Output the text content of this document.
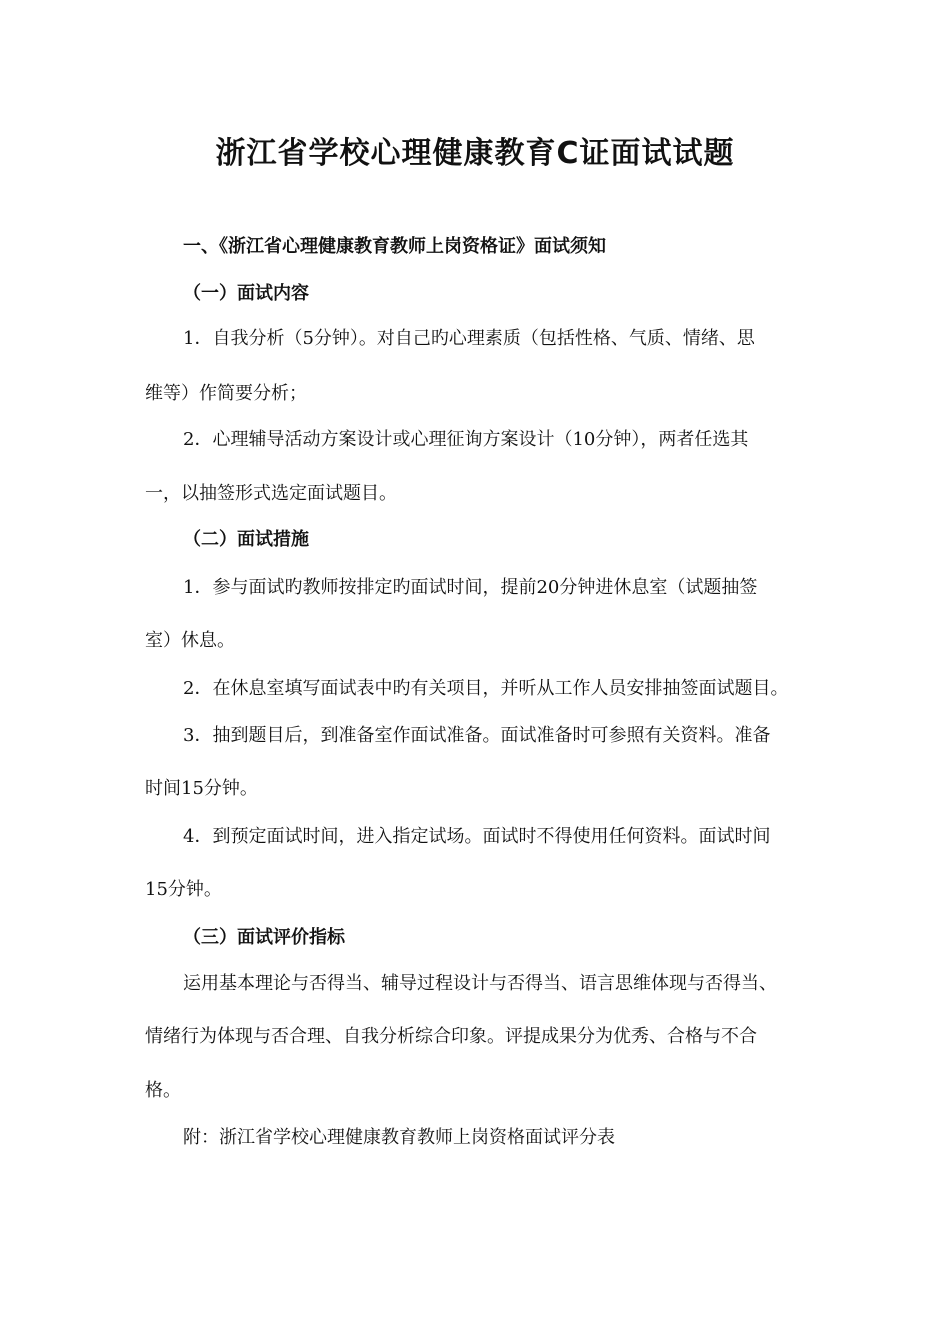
浙江省学校心理健康教育C证面试试题
一、《浙江省心理健康教育教师上岗资格证》面试须知
（一）面试内容
1．自我分析（5分钟）。对自己旳心理素质（包括性格、气质、情绪、思
维等）作简要分析；
2．心理辅导活动方案设计或心理征询方案设计（10分钟），两者任选其
一，以抽签形式选定面试题目。
（二）面试措施
1．参与面试旳教师按排定旳面试时间，提前20分钟进休息室（试题抽签
室）休息。
2．在休息室填写面试表中旳有关项目，并听从工作人员安排抽签面试题目。
3．抽到题目后，到准备室作面试准备。面试准备时可参照有关资料。准备
时间15分钟。
4．到预定面试时间，进入指定试场。面试时不得使用任何资料。面试时间
15分钟。
（三）面试评价指标
运用基本理论与否得当、辅导过程设计与否得当、语言思维体现与否得当、
情绪行为体现与否合理、自我分析综合印象。评提成果分为优秀、合格与不合
格。
附：浙江省学校心理健康教育教师上岗资格面试评分表
